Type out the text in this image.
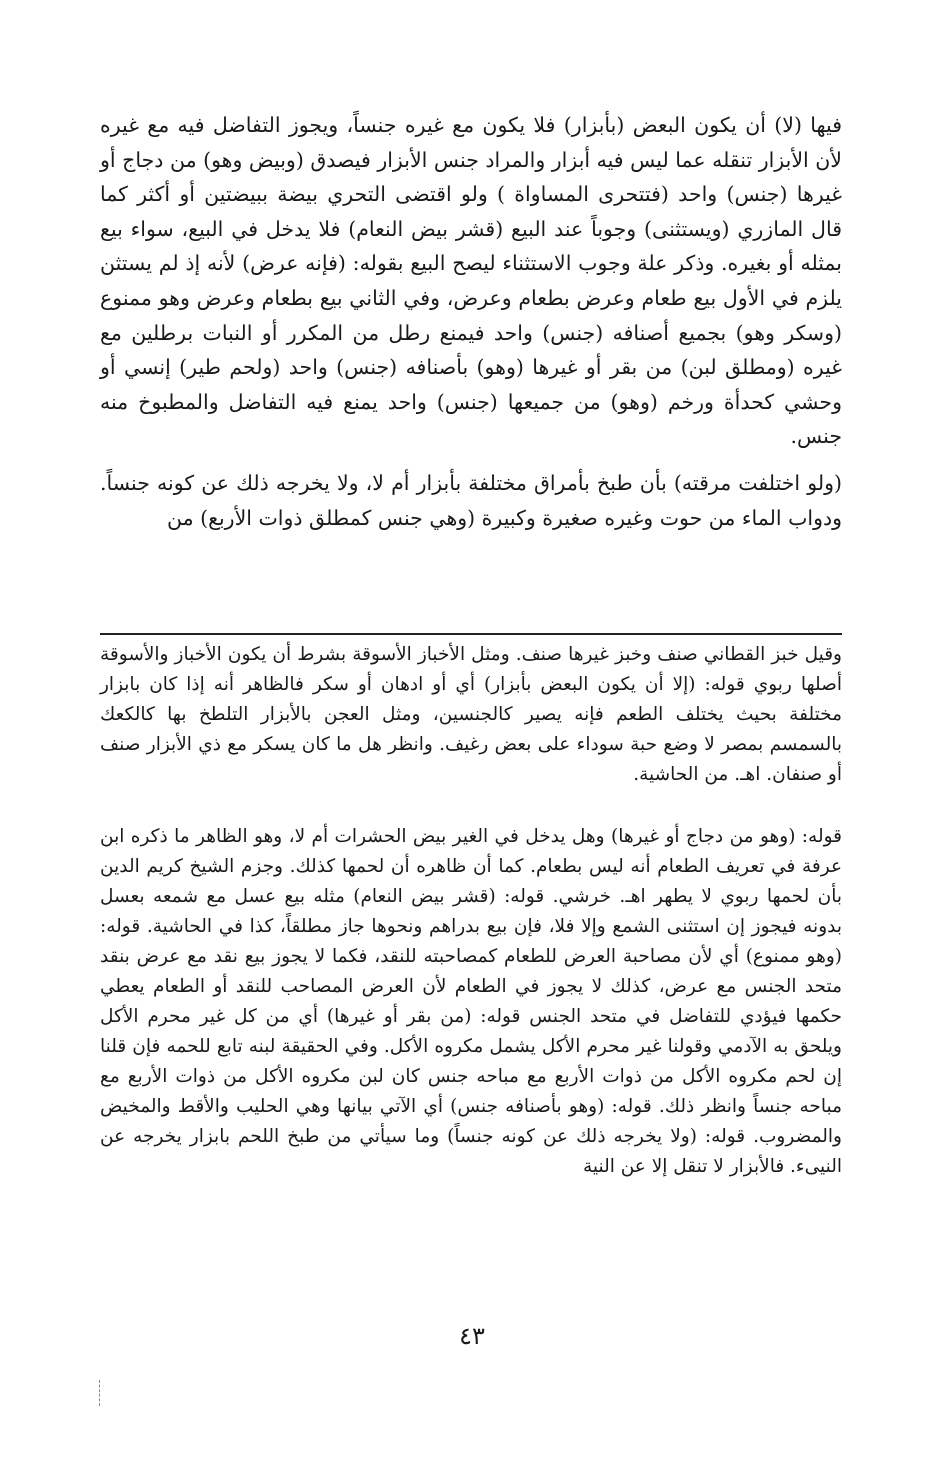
فيها (لا) أن يكون البعض (بأبزار) فلا يكون مع غيره جنساً، ويجوز التفاضل فيه مع غيره لأن الأبزار تنقله عما ليس فيه أبزار والمراد جنس الأبزار فيصدق (وبيض وهو) من دجاج أو غيرها (جنس) واحد (فتتحرى المساواة ) ولو اقتضى التحري بيضة ببيضتين أو أكثر كما قال المازري (ويستثنى) وجوباً عند البيع (قشر بيض النعام) فلا يدخل في البيع، سواء بيع بمثله أو بغيره. وذكر علة وجوب الاستثناء ليصح البيع بقوله: (فإنه عرض) لأنه إذ لم يستثن يلزم في الأول بيع طعام وعرض بطعام وعرض، وفي الثاني بيع بطعام وعرض وهو ممنوع (وسكر وهو) بجميع أصنافه (جنس) واحد فيمنع رطل من المكرر أو النبات برطلين مع غيره (ومطلق لبن) من بقر أو غيرها (وهو) بأصنافه (جنس) واحد (ولحم طير) إنسي أو وحشي كحدأة ورخم (وهو) من جميعها (جنس) واحد يمنع فيه التفاضل والمطبوخ منه جنس.

(ولو اختلفت مرقته) بأن طبخ بأمراق مختلفة بأبزار أم لا، ولا يخرجه ذلك عن كونه جنساً. ودواب الماء من حوت وغيره صغيرة وكبيرة (وهي جنس كمطلق ذوات الأربع) من

وقيل خبز القطاني صنف وخبز غيرها صنف. ومثل الأخباز الأسوقة بشرط أن يكون الأخباز والأسوقة أصلها ربوي قوله: (إلا أن يكون البعض بأبزار) أي أو ادهان أو سكر فالظاهر أنه إذا كان بابزار مختلفة بحيث يختلف الطعم فإنه يصير كالجنسين، ومثل العجن بالأبزار التلطخ بها كالكعك بالسمسم بمصر لا وضع حبة سوداء على بعض رغيف. وانظر هل ما كان يسكر مع ذي الأبزار صنف أو صنفان. اهـ. من الحاشية.

قوله: (وهو من دجاج أو غيرها) وهل يدخل في الغير بيض الحشرات أم لا، وهو الظاهر ما ذكره ابن عرفة في تعريف الطعام أنه ليس بطعام. كما أن ظاهره أن لحمها كذلك. وجزم الشيخ كريم الدين بأن لحمها ربوي لا يطهر اهـ. خرشي. قوله: (قشر بيض النعام) مثله بيع عسل مع شمعه بعسل بدونه فيجوز إن استثنى الشمع وإلا فلا، فإن بيع بدراهم ونحوها جاز مطلقاً، كذا في الحاشية. قوله: (وهو ممنوع) أي لأن مصاحبة العرض للطعام كمصاحبته للنقد، فكما لا يجوز بيع نقد مع عرض بنقد متحد الجنس مع عرض، كذلك لا يجوز في الطعام لأن العرض المصاحب للنقد أو الطعام يعطي حكمها فيؤدي للتفاضل في متحد الجنس قوله: (من بقر أو غيرها) أي من كل غير محرم الأكل ويلحق به الآدمي وقولنا غير محرم الأكل يشمل مكروه الأكل. وفي الحقيقة لبنه تابع للحمه فإن قلنا إن لحم مكروه الأكل من ذوات الأربع مع مباحه جنس كان لبن مكروه الأكل من ذوات الأربع مع مباحه جنساً وانظر ذلك. قوله: (وهو بأصنافه جنس) أي الآتي بيانها وهي الحليب والأقط والمخيض والمضروب. قوله: (ولا يخرجه ذلك عن كونه جنساً) وما سيأتي من طبخ اللحم بابزار يخرجه عن النيىء. فالأبزار لا تنقل إلا عن النية

٤٣
